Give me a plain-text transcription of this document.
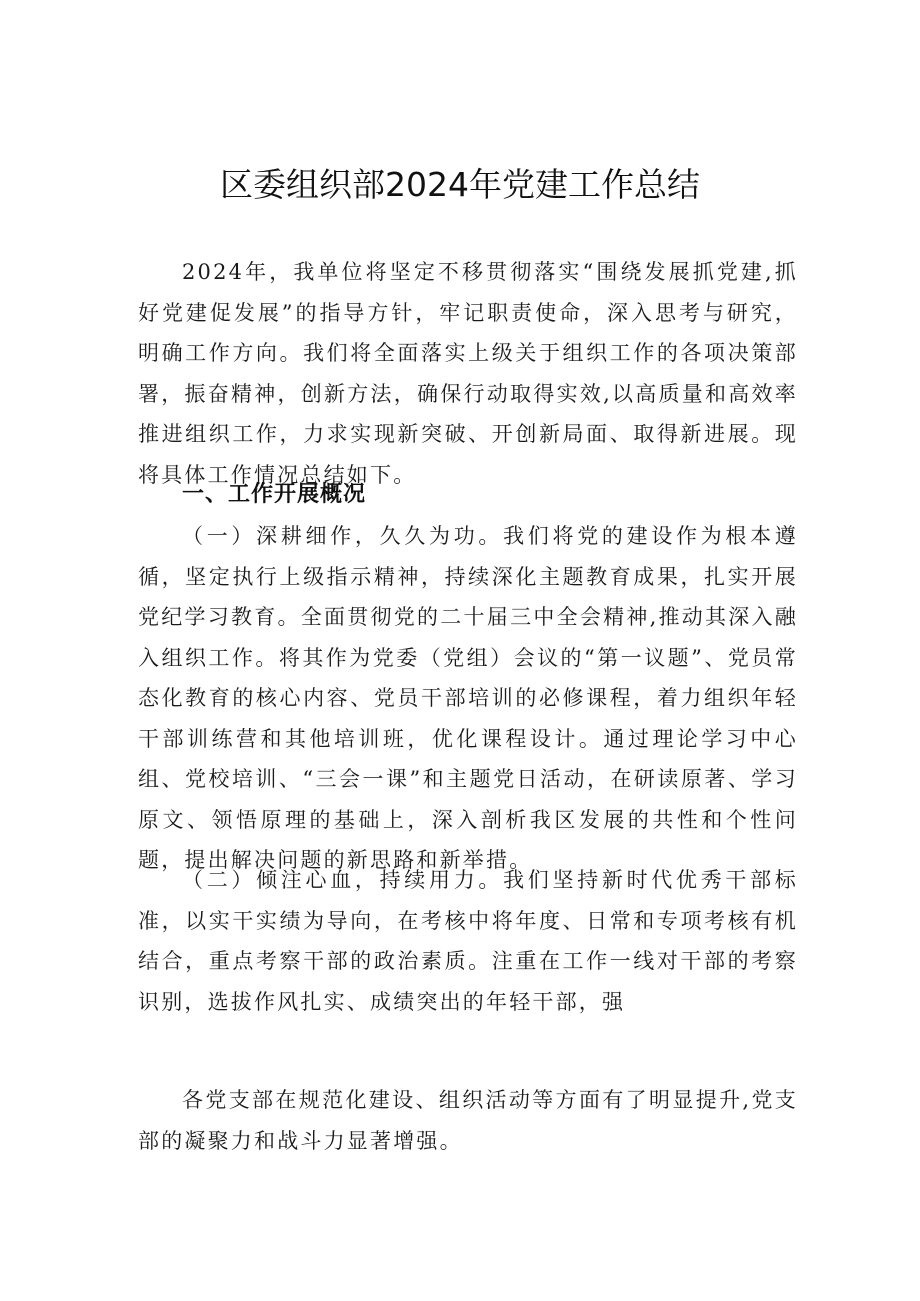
区委组织部2024年党建工作总结

2024年，我单位将坚定不移贯彻落实“围绕发展抓党建,抓好党建促发展”的指导方针，牢记职责使命，深入思考与研究，明确工作方向。我们将全面落实上级关于组织工作的各项决策部署，振奋精神，创新方法，确保行动取得实效,以高质量和高效率推进组织工作，力求实现新突破、开创新局面、取得新进展。现将具体工作情况总结如下。

一、工作开展概况

（一）深耕细作，久久为功。我们将党的建设作为根本遵循，坚定执行上级指示精神，持续深化主题教育成果，扎实开展党纪学习教育。全面贯彻党的二十届三中全会精神,推动其深入融入组织工作。将其作为党委（党组）会议的“第一议题”、党员常态化教育的核心内容、党员干部培训的必修课程，着力组织年轻干部训练营和其他培训班，优化课程设计。通过理论学习中心组、党校培训、“三会一课”和主题党日活动，在研读原著、学习原文、领悟原理的基础上，深入剖析我区发展的共性和个性问题，提出解决问题的新思路和新举措。

（二）倾注心血，持续用力。我们坚持新时代优秀干部标准，以实干实绩为导向，在考核中将年度、日常和专项考核有机结合，重点考察干部的政治素质。注重在工作一线对干部的考察识别，选拔作风扎实、成绩突出的年轻干部，强

各党支部在规范化建设、组织活动等方面有了明显提升,党支部的凝聚力和战斗力显著增强。
